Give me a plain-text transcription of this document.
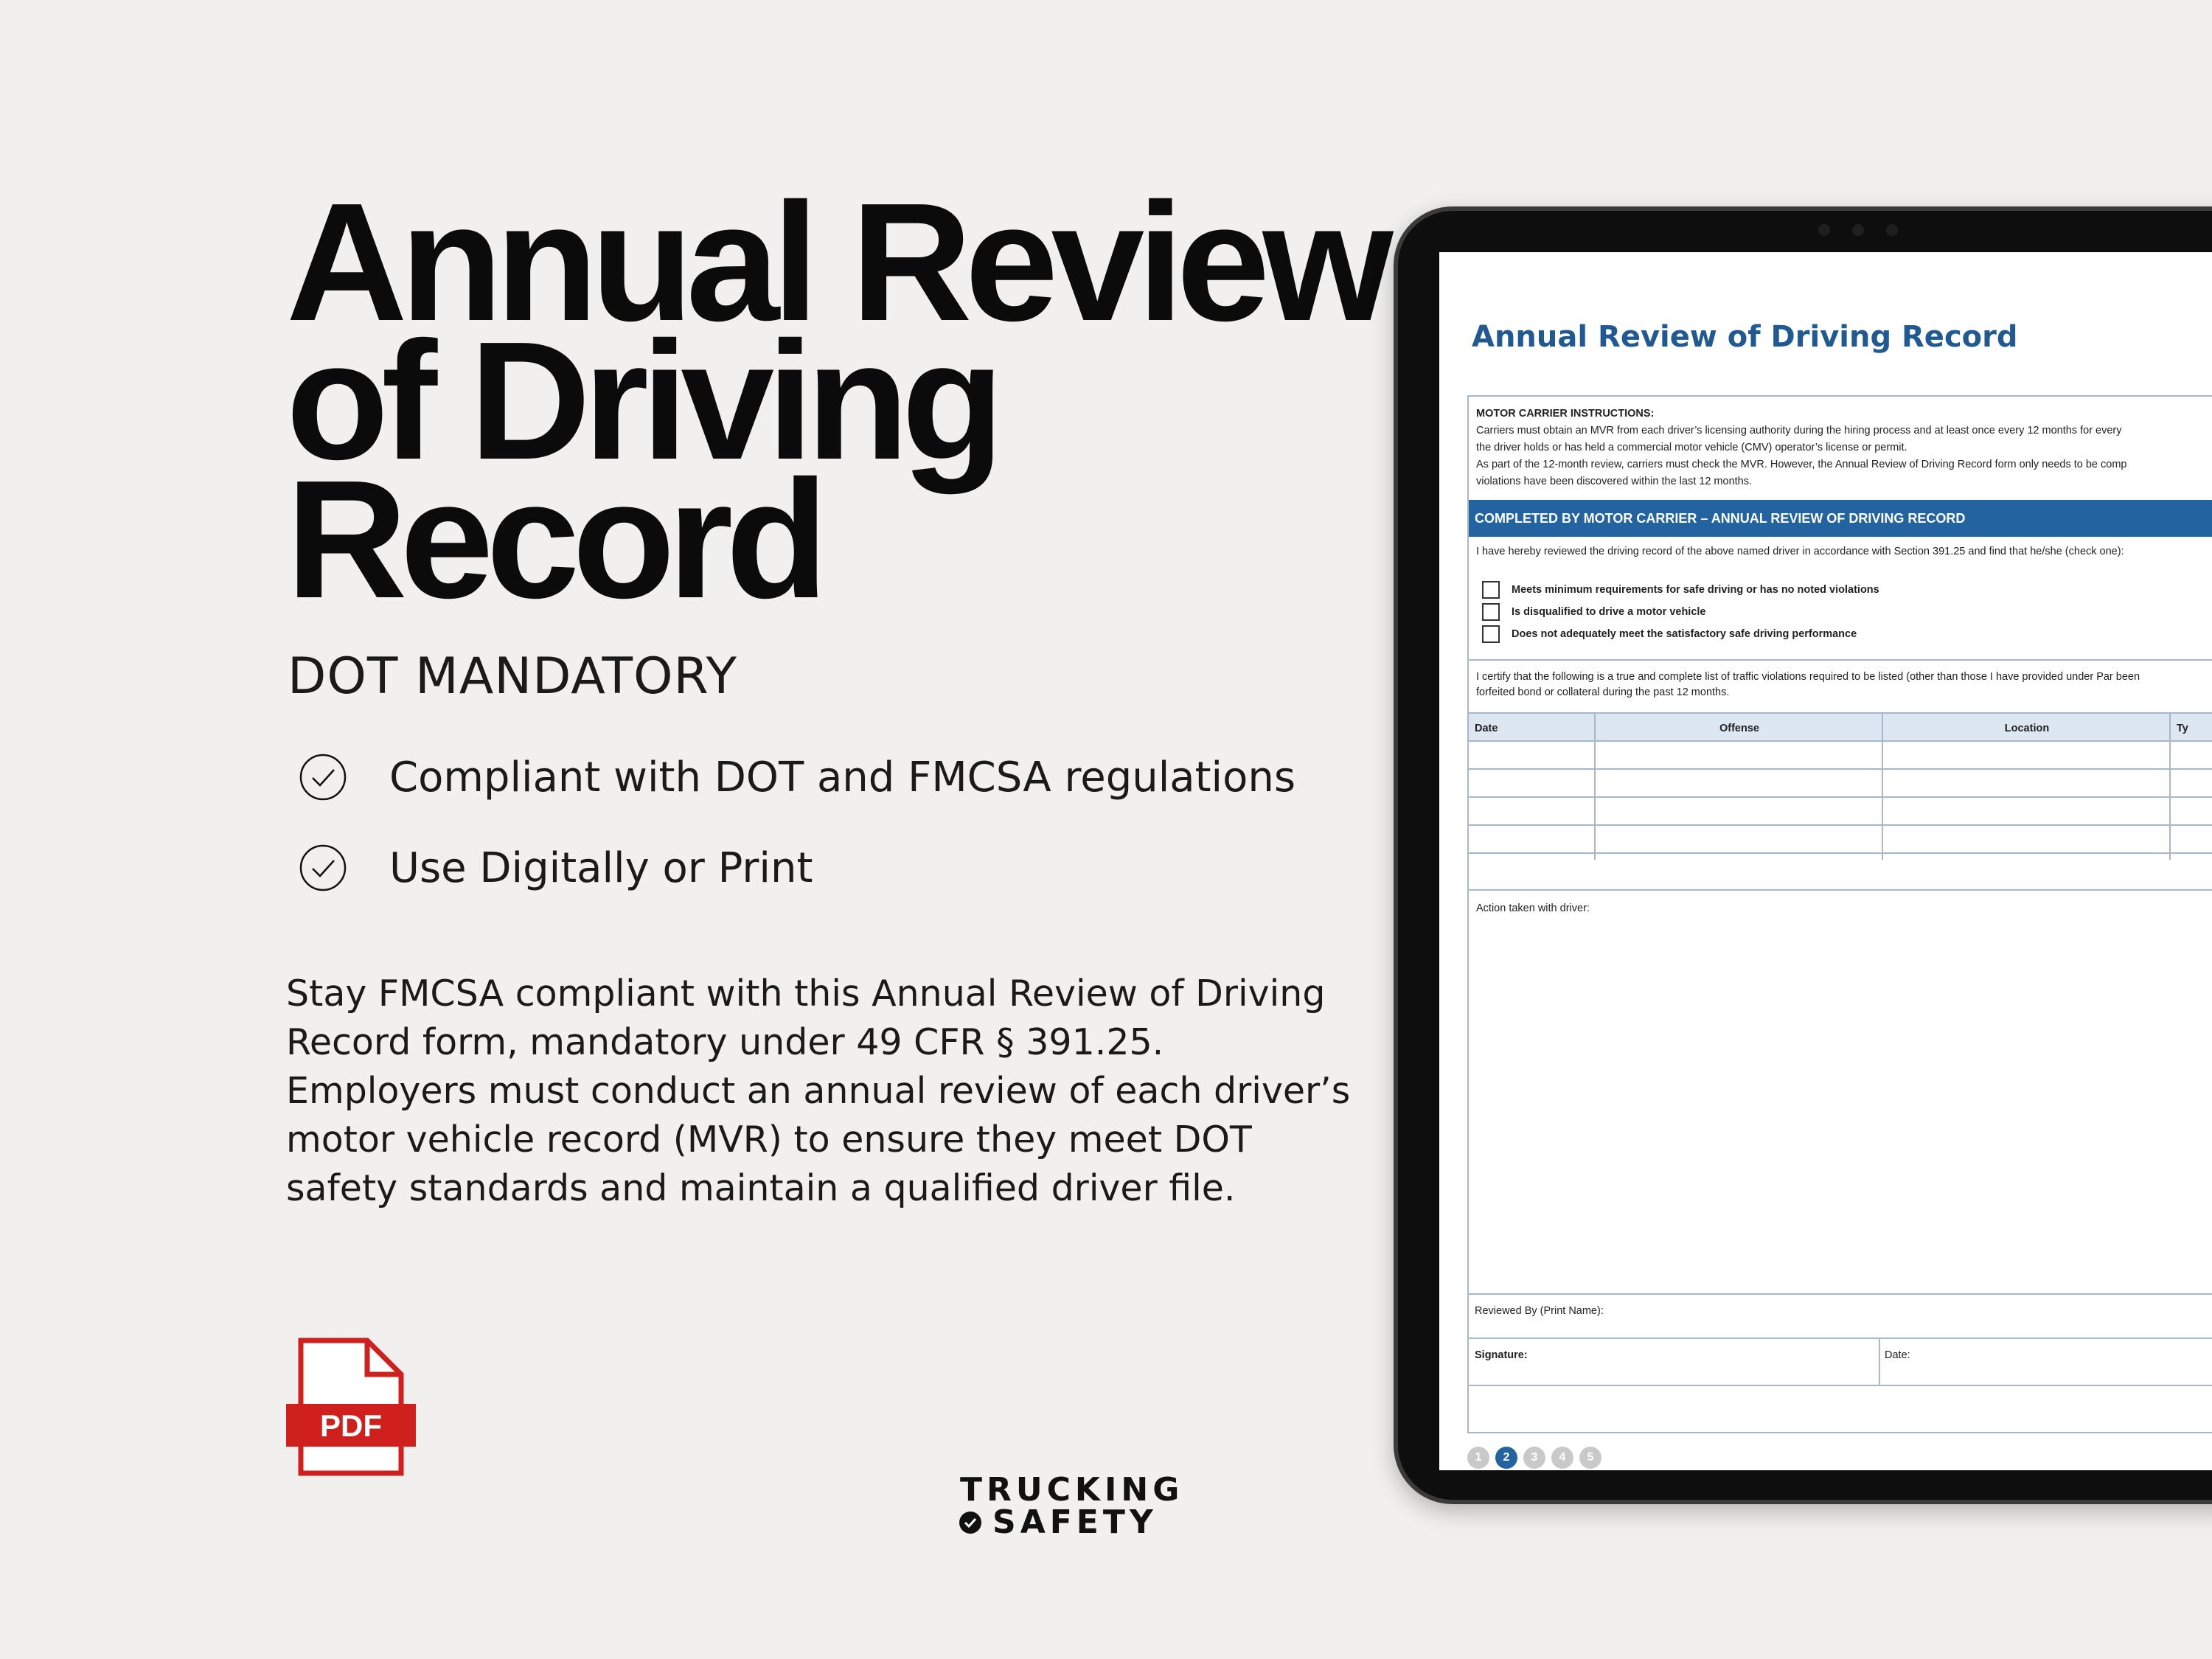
Annual Review
of Driving
Record
DOT MANDATORY
Compliant with DOT and FMCSA regulations
Use Digitally or Print

Stay FMCSA compliant with this Annual Review of Driving Record form, mandatory under 49 CFR § 391.25. Employers must conduct an annual review of each driver’s motor vehicle record (MVR) to ensure they meet DOT safety standards and maintain a qualified driver file.

PDF
TRUCKING
SAFETY
Annual Review of Driving Record
MOTOR CARRIER INSTRUCTIONS:
Carriers must obtain an MVR from each driver’s licensing authority during the hiring process and at least once every 12 months for every
the driver holds or has held a commercial motor vehicle (CMV) operator’s license or permit.
As part of the 12-month review, carriers must check the MVR. However, the Annual Review of Driving Record form only needs to be comp
violations have been discovered within the last 12 months.
COMPLETED BY MOTOR CARRIER – ANNUAL REVIEW OF DRIVING RECORD
I have hereby reviewed the driving record of the above named driver in accordance with Section 391.25 and find that he/she (check one):
Meets minimum requirements for safe driving or has no noted violations
Is disqualified to drive a motor vehicle
Does not adequately meet the satisfactory safe driving performance
I certify that the following is a true and complete list of traffic violations required to be listed (other than those I have provided under Par been
forfeited bond or collateral during the past 12 months.
Date	Offense	Location	Ty
Action taken with driver:
Reviewed By (Print Name):
Signature:	Date:
1	2	3	4	5
